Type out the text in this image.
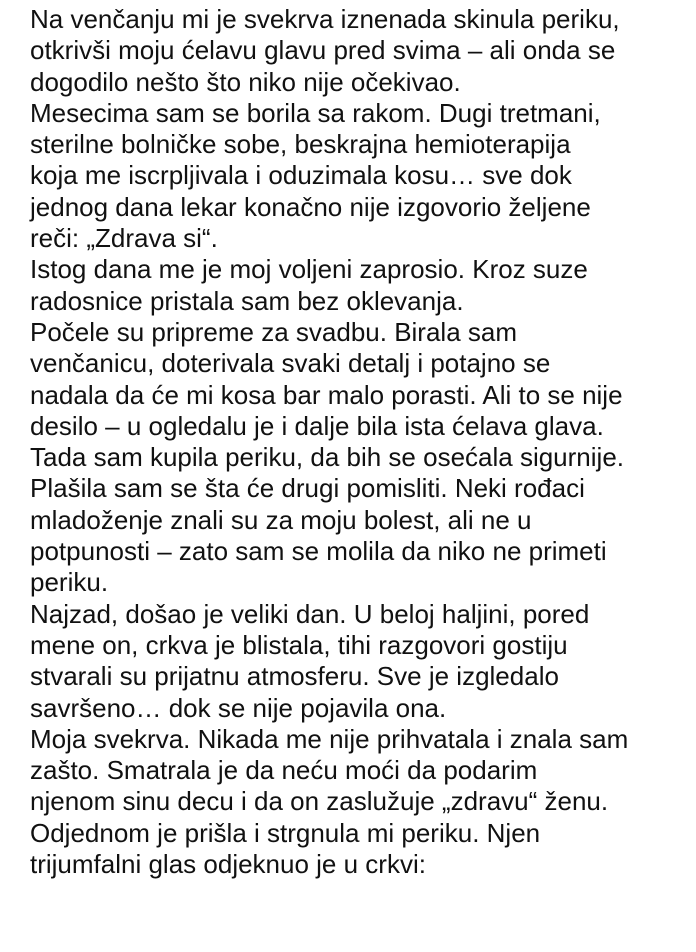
Na venčanju mi je svekrva iznenada skinula periku,
otkrivši moju ćelavu glavu pred svima – ali onda se
dogodilo nešto što niko nije očekivao.

Mesecima sam se borila sa rakom. Dugi tretmani,
sterilne bolničke sobe, beskrajna hemioterapija
koja me iscrpljivala i oduzimala kosu… sve dok
jednog dana lekar konačno nije izgovorio željene
reči: „Zdrava si“.

Istog dana me je moj voljeni zaprosio. Kroz suze
radosnice pristala sam bez oklevanja.

Počele su pripreme za svadbu. Birala sam
venčanicu, doterivala svaki detalj i potajno se
nadala da će mi kosa bar malo porasti. Ali to se nije
desilo – u ogledalu je i dalje bila ista ćelava glava.
Tada sam kupila periku, da bih se osećala sigurnije.
Plašila sam se šta će drugi pomisliti. Neki rođaci
mladoženje znali su za moju bolest, ali ne u
potpunosti – zato sam se molila da niko ne primeti
periku.

Najzad, došao je veliki dan. U beloj haljini, pored
mene on, crkva je blistala, tihi razgovori gostiju
stvarali su prijatnu atmosferu. Sve je izgledalo
savršeno… dok se nije pojavila ona.

Moja svekrva. Nikada me nije prihvatala i znala sam
zašto. Smatrala je da neću moći da podarim
njenom sinu decu i da on zaslužuje „zdravu“ ženu.

Odjednom je prišla i strgnula mi periku. Njen
trijumfalni glas odjeknuo je u crkvi:
